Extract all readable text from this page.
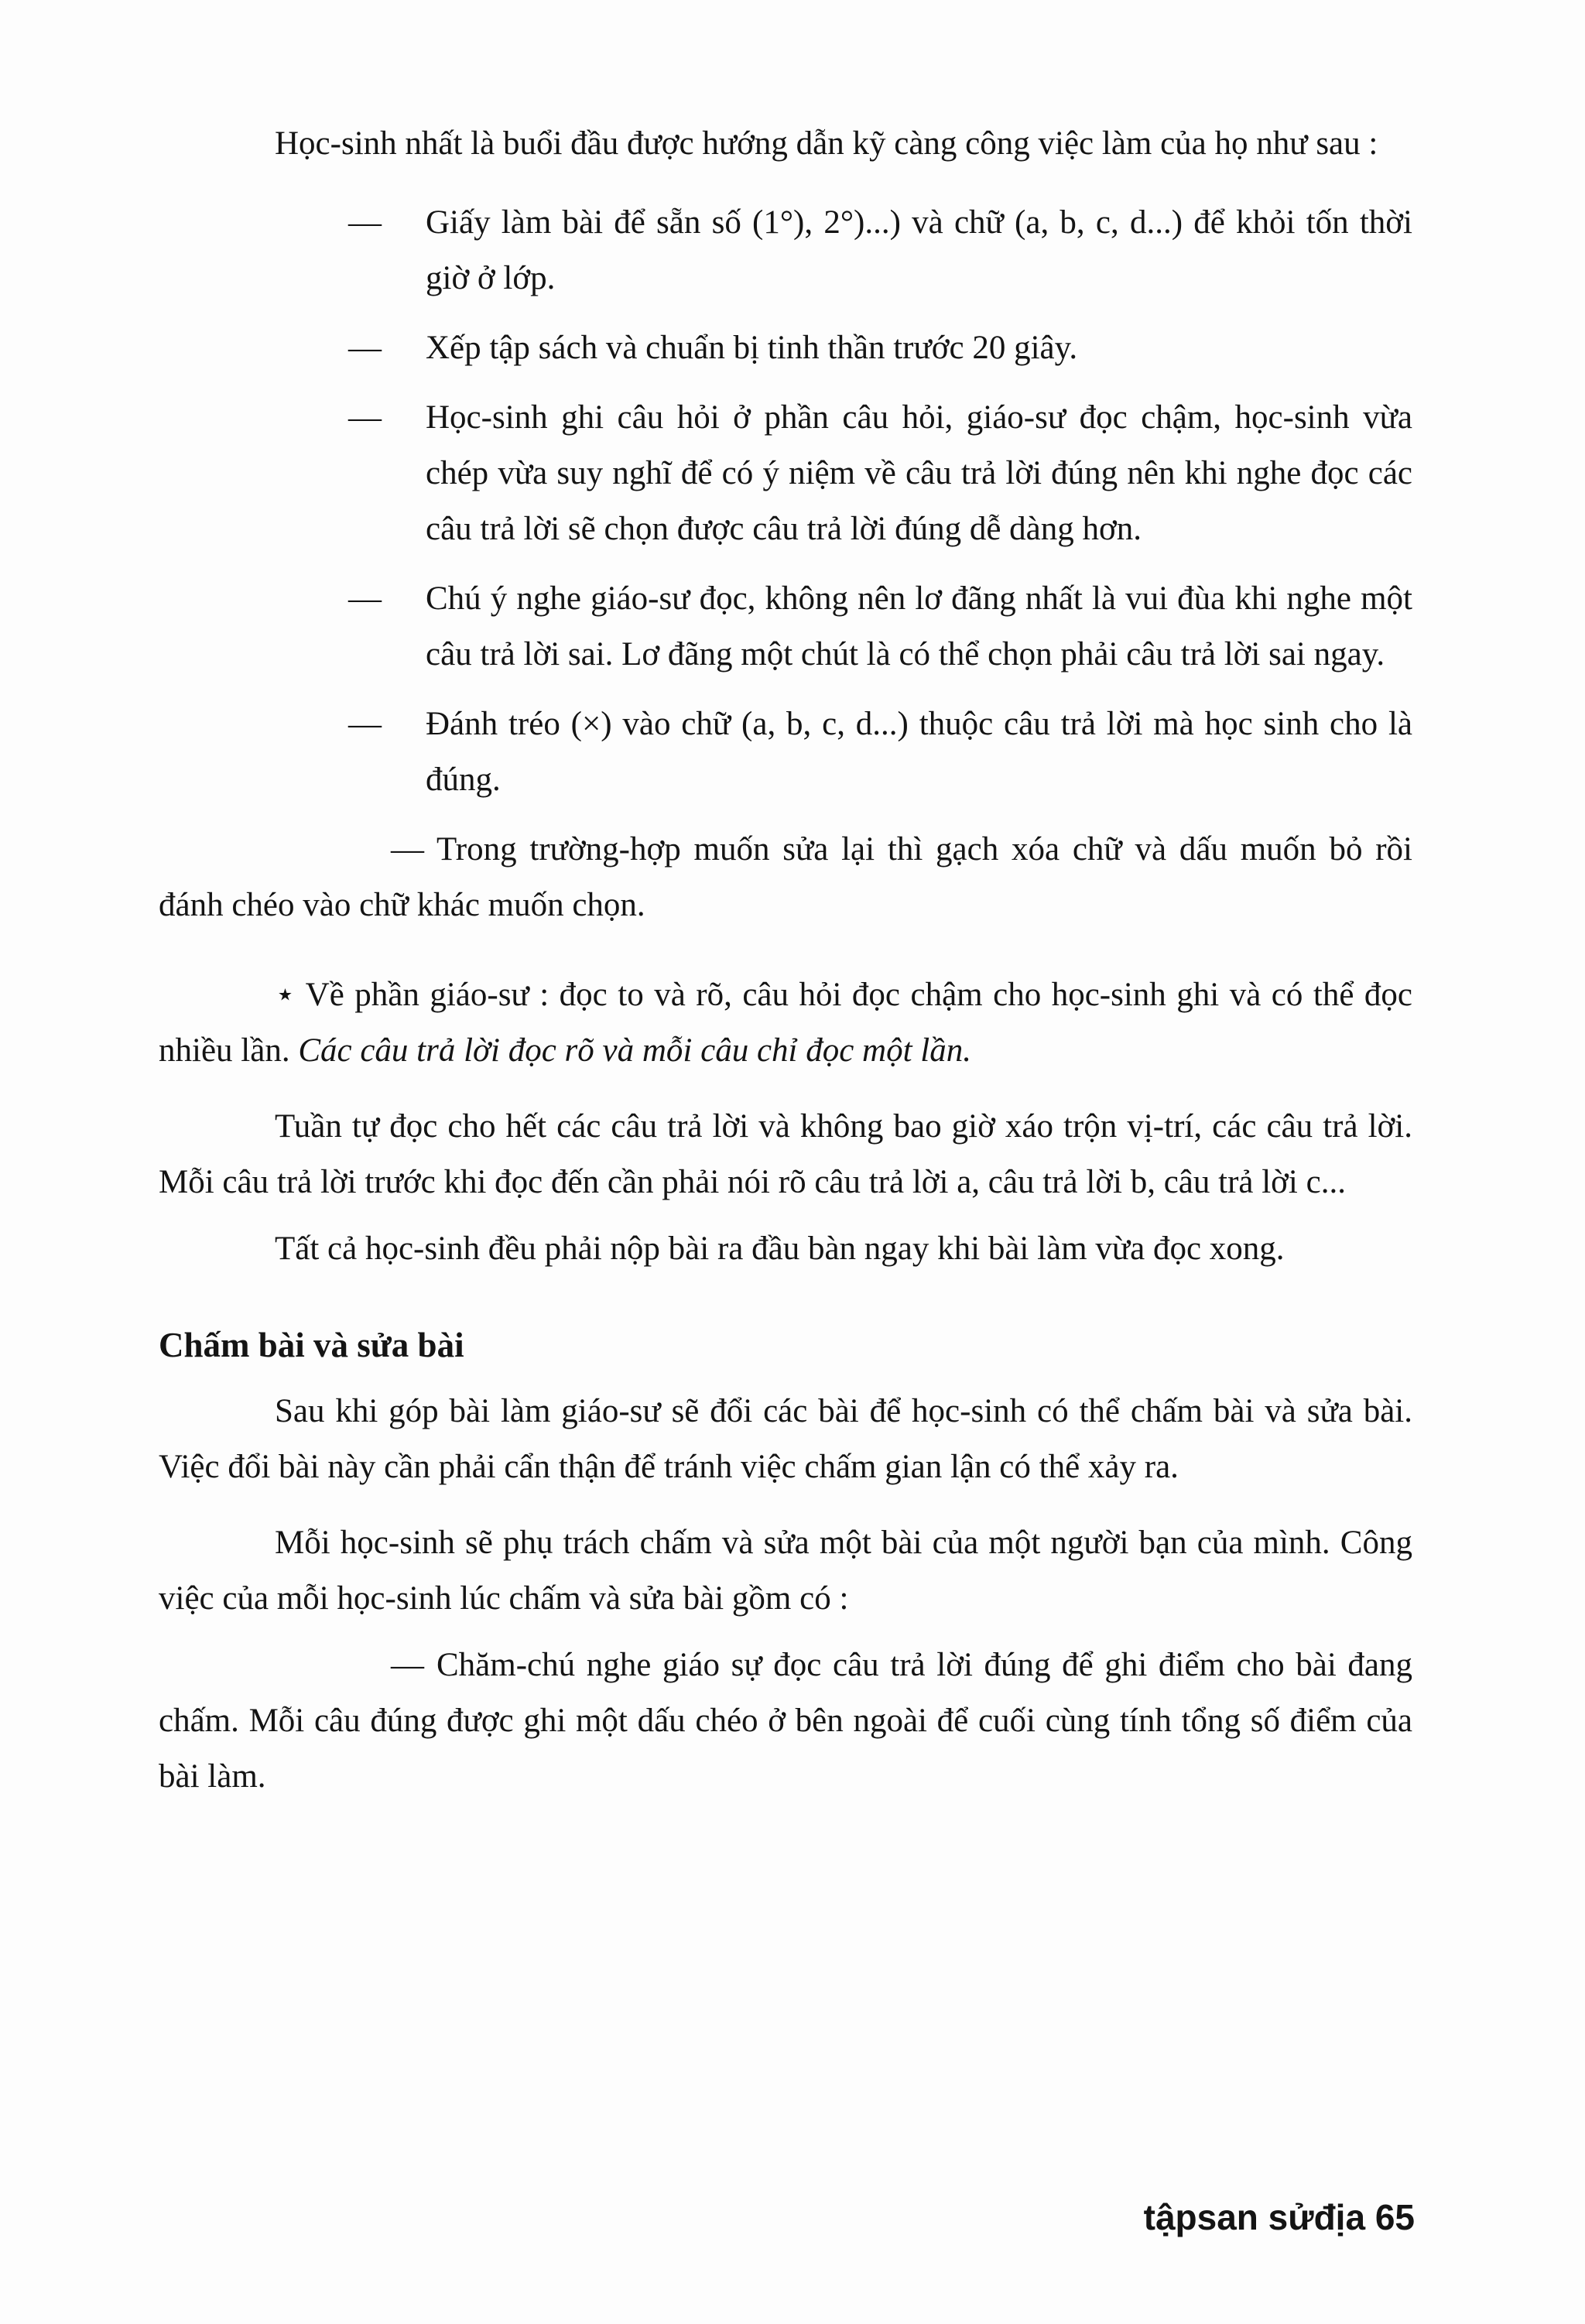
Học-sinh nhất là buổi đầu được hướng dẫn kỹ càng công việc làm của họ như sau :

— Giấy làm bài để sẵn số (1°), 2°)...) và chữ (a, b, c, d...) để khỏi tốn thời giờ ở lớp.
— Xếp tập sách và chuẩn bị tinh thần trước 20 giây.
— Học-sinh ghi câu hỏi ở phần câu hỏi, giáo-sư đọc chậm, học-sinh vừa chép vừa suy nghĩ để có ý niệm về câu trả lời đúng nên khi nghe đọc các câu trả lời sẽ chọn được câu trả lời đúng dễ dàng hơn.
— Chú ý nghe giáo-sư đọc, không nên lơ đãng nhất là vui đùa khi nghe một câu trả lời sai. Lơ đãng một chút là có thể chọn phải câu trả lời sai ngay.
— Đánh tréo (×) vào chữ (a, b, c, d...) thuộc câu trả lời mà học sinh cho là đúng.

— Trong trường-hợp muốn sửa lại thì gạch xóa chữ và dấu muốn bỏ rồi đánh chéo vào chữ khác muốn chọn.

⋆ Về phần giáo-sư : đọc to và rõ, câu hỏi đọc chậm cho học-sinh ghi và có thể đọc nhiều lần. Các câu trả lời đọc rõ và mỗi câu chỉ đọc một lần.

Tuần tự đọc cho hết các câu trả lời và không bao giờ xáo trộn vị-trí, các câu trả lời. Mỗi câu trả lời trước khi đọc đến cần phải nói rõ câu trả lời a, câu trả lời b, câu trả lời c...

Tất cả học-sinh đều phải nộp bài ra đầu bàn ngay khi bài làm vừa đọc xong.

Chấm bài và sửa bài

Sau khi góp bài làm giáo-sư sẽ đổi các bài để học-sinh có thể chấm bài và sửa bài. Việc đổi bài này cần phải cẩn thận để tránh việc chấm gian lận có thể xảy ra.

Mỗi học-sinh sẽ phụ trách chấm và sửa một bài của một người bạn của mình. Công việc của mỗi học-sinh lúc chấm và sửa bài gồm có :

— Chăm-chú nghe giáo sự đọc câu trả lời đúng để ghi điểm cho bài đang chấm. Mỗi câu đúng được ghi một dấu chéo ở bên ngoài để cuối cùng tính tổng số điểm của bài làm.

tậpsan sửđịa 65
